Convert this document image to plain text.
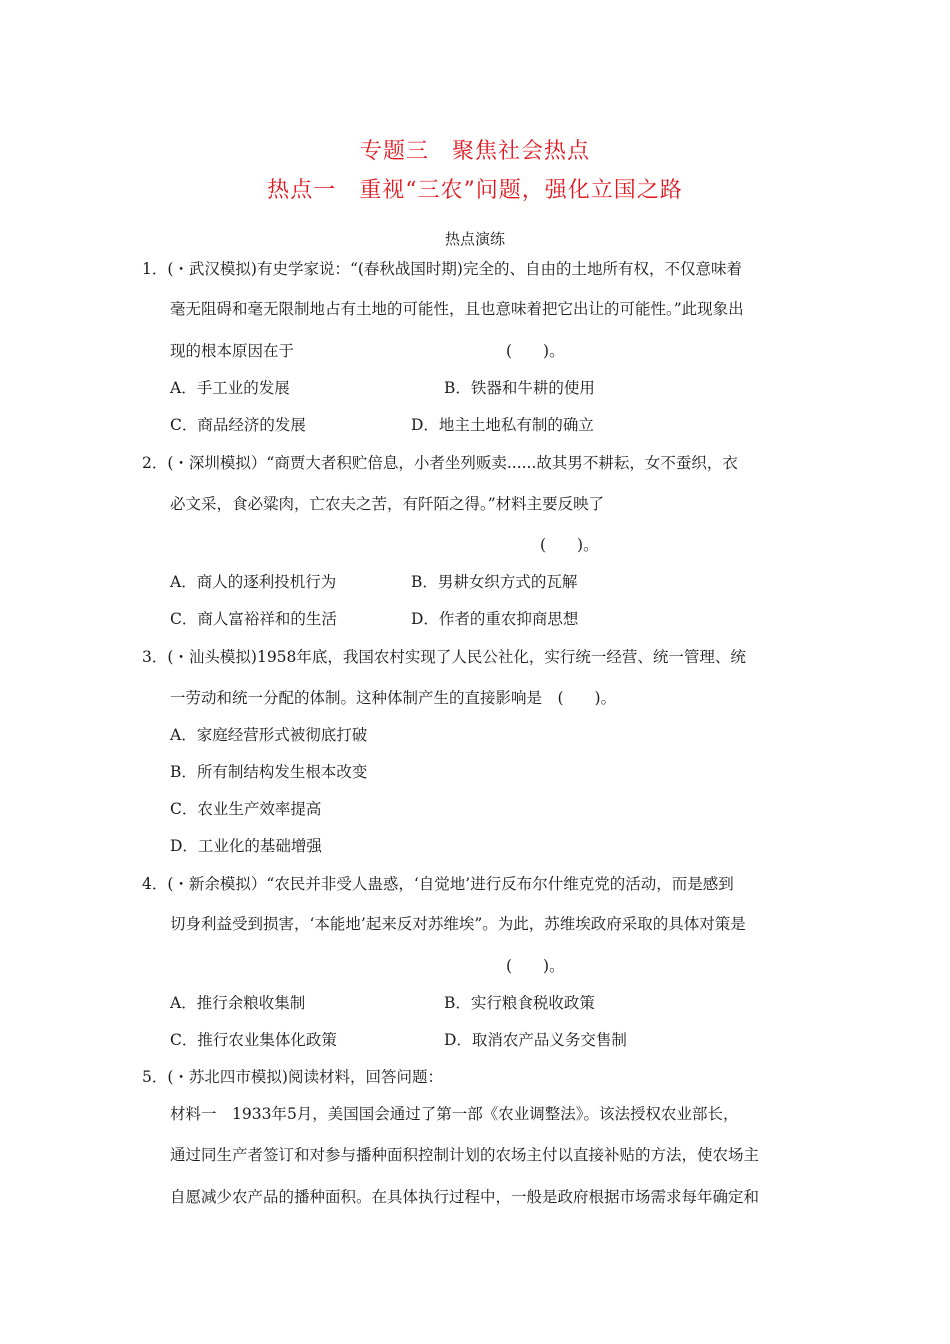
专题三　聚焦社会热点
热点一　重视“三农”问题，强化立国之路
热点演练
1．(・武汉模拟)有史学家说：“(春秋战国时期)完全的、自由的土地所有权，不仅意味着
毫无阻碍和毫无限制地占有土地的可能性，且也意味着把它出让的可能性。”此现象出
现的根本原因在于	(　　)。
A．手工业的发展	B．铁器和牛耕的使用
C．商品经济的发展	D．地主土地私有制的确立
2．(・深圳模拟）“商贾大者积贮倍息，小者坐列贩卖......故其男不耕耘，女不蚕织，衣
必文采，食必粱肉，亡农夫之苦，有阡陌之得。”材料主要反映了
(　　)。
A．商人的逐利投机行为	B．男耕女织方式的瓦解
C．商人富裕祥和的生活	D．作者的重农抑商思想
3．(・汕头模拟)1958年底，我国农村实现了人民公社化，实行统一经营、统一管理、统
一劳动和统一分配的体制。这种体制产生的直接影响是　(　　)。
A．家庭经营形式被彻底打破
B．所有制结构发生根本改变
C．农业生产效率提高
D．工业化的基础增强
4．(・新余模拟）“农民并非受人蛊惑，‘自觉地’进行反布尔什维克党的活动，而是感到
切身利益受到损害，‘本能地’起来反对苏维埃”。为此，苏维埃政府采取的具体对策是
(　　)。
A．推行余粮收集制	B．实行粮食税收政策
C．推行农业集体化政策	D．取消农产品义务交售制
5．(・苏北四市模拟)阅读材料，回答问题：
材料一　1933年5月，美国国会通过了第一部《农业调整法》。该法授权农业部长，
通过同生产者签订和对参与播种面积控制计划的农场主付以直接补贴的方法，使农场主
自愿减少农产品的播种面积。在具体执行过程中，一般是政府根据市场需求每年确定和
